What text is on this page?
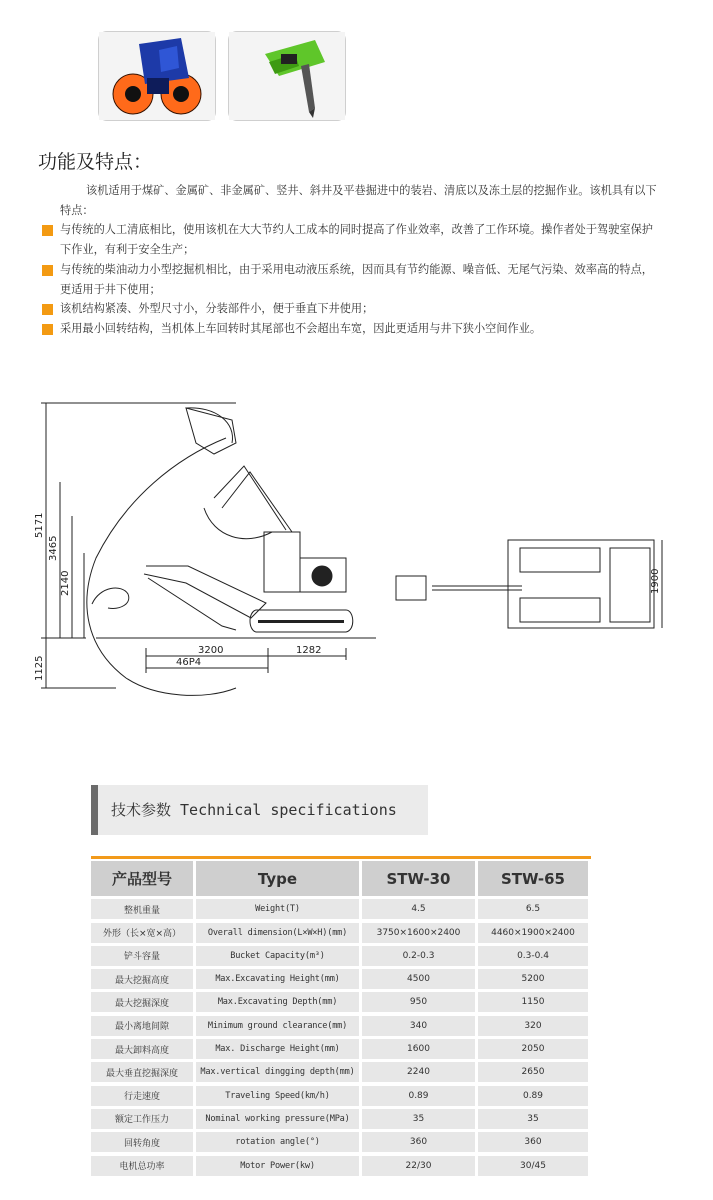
功能及特点：

该机适用于煤矿、金属矿、非金属矿、竖井、斜井及平巷掘进中的装岩、清底以及冻土层的挖掘作业。该机具有以下特点：

与传统的人工清底相比，使用该机在大大节约人工成本的同时提高了作业效率，改善了工作环境。操作者处于驾驶室保护下作业，有利于安全生产；
与传统的柴油动力小型挖掘机相比，由于采用电动液压系统，因而具有节约能源、噪音低、无尾气污染、效率高的特点，更适用于井下使用；
该机结构紧凑、外型尺寸小，分装部件小，便于垂直下井使用；
采用最小回转结构，当机体上车回转时其尾部也不会超出车宽，因此更适用与井下狭小空间作业。
5171
3465
2140
1125
3200	1282
46P4
1900
技术参数 Technical specifications
产品型号	Type	STW-30	STW-65
整机重量	Weight(T)	4.5	6.5
外形（长×宽×高）	Overall dimension(L×W×H)(mm)	3750×1600×2400	4460×1900×2400
铲斗容量	Bucket Capacity(m³)	0.2-0.3	0.3-0.4
最大挖掘高度	Max.Excavating Height(mm)	4500	5200
最大挖掘深度	Max.Excavating Depth(mm)	950	1150
最小离地间隙	Minimum ground clearance(mm)	340	320
最大卸料高度	Max. Discharge Height(mm)	1600	2050
最大垂直挖掘深度	Max.vertical dingging depth(mm)	2240	2650
行走速度	Traveling Speed(km/h)	0.89	0.89
额定工作压力	Nominal working pressure(MPa)	35	35
回转角度	rotation angle(°)	360	360
电机总功率	Motor Power(kw)	22/30	30/45
